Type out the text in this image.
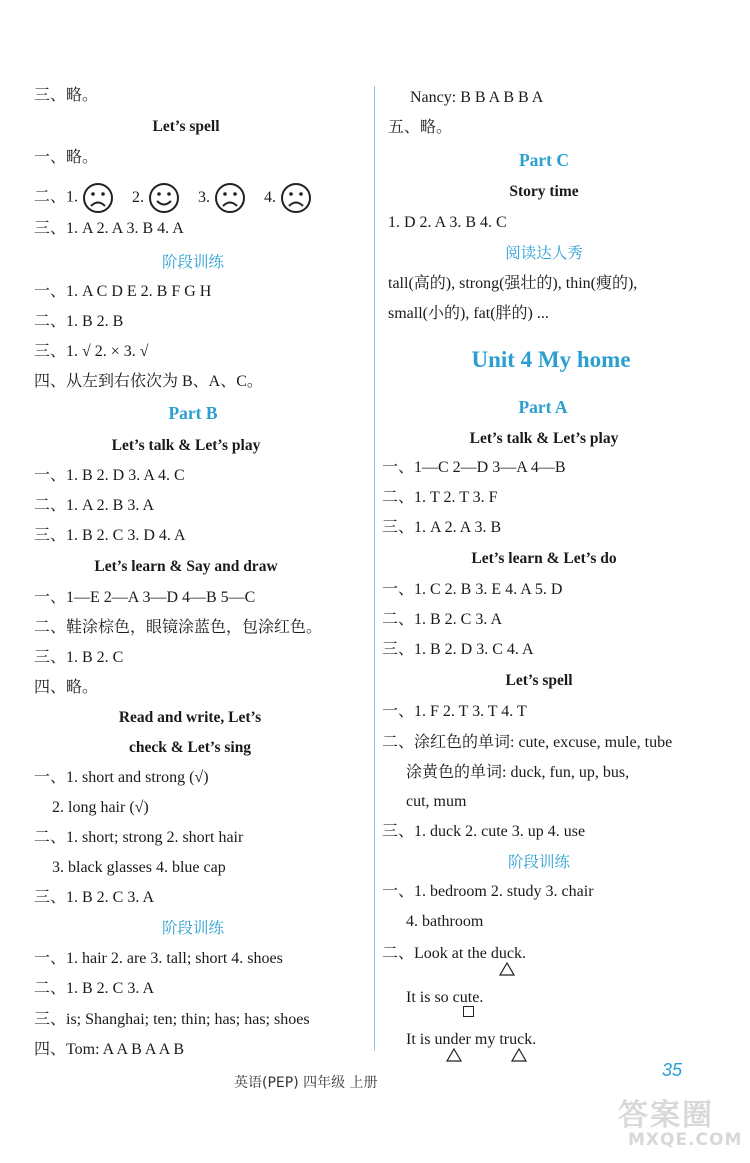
三、略。
Let’s spell
一、略。
二、1.	2.	3.	4.
三、1. A 2. A 3. B 4. A
阶段训练
一、1. A C D E 2. B F G H
二、1. B 2. B
三、1. √ 2. × 3. √
四、从左到右依次为 B、A、C。
Part B
Let’s talk & Let’s play
一、1. B 2. D 3. A 4. C
二、1. A 2. B 3. A
三、1. B 2. C 3. D 4. A
Let’s learn & Say and draw
一、1—E 2—A 3—D 4—B 5—C
二、鞋涂棕色，眼镜涂蓝色，包涂红色。
三、1. B 2. C
四、略。
Read and write, Let’s
check & Let’s sing
一、1. short and strong (√)
2. long hair (√)
二、1. short; strong 2. short hair
3. black glasses 4. blue cap
三、1. B 2. C 3. A
阶段训练
一、1. hair 2. are 3. tall; short 4. shoes
二、1. B 2. C 3. A
三、is; Shanghai; ten; thin; has; has; shoes
四、Tom: A A B A A B
Nancy: B B A B B A
五、略。
Part C
Story time
1. D 2. A 3. B 4. C
阅读达人秀
tall(高的), strong(强壮的), thin(瘦的),
small(小的), fat(胖的) ...
Unit 4 My home
Part A
Let’s talk & Let’s play
一、1—C 2—D 3—A 4—B
二、1. T 2. T 3. F
三、1. A 2. A 3. B
Let’s learn & Let’s do
一、1. C 2. B 3. E 4. A 5. D
二、1. B 2. C 3. A
三、1. B 2. D 3. C 4. A
Let’s spell
一、1. F 2. T 3. T 4. T
二、涂红色的单词: cute, excuse, mule, tube
涂黄色的单词: duck, fun, up, bus,
cut, mum
三、1. duck 2. cute 3. up 4. use
阶段训练
一、1. bedroom 2. study 3. chair
4. bathroom
二、Look at the duck
.
It is so cute
.
It is under
my truck
.
英语(PEP) 四年级 上册
35
答案圈
MXQE.COM
